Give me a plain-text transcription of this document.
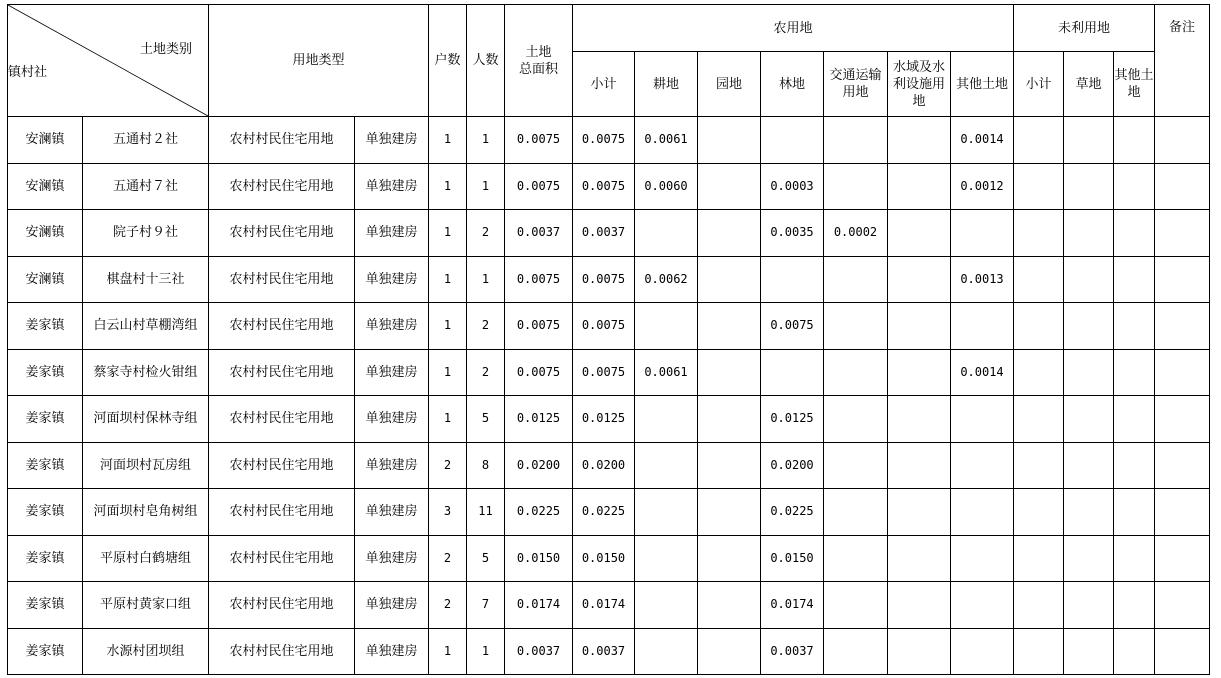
土地类别
镇村社		用地类型		户数	人数	土地
总面积	农用地							未利用地			备注
							小计	耕地	园地	林地	交通运输用地	水域及水利设施用地	其他土地	小计	草地	其他土地	
安澜镇	五通村２社	农村村民住宅用地	单独建房	1	1	0.0075	0.0075	0.0061					0.0014				
安澜镇	五通村７社	农村村民住宅用地	单独建房	1	1	0.0075	0.0075	0.0060		0.0003			0.0012				
安澜镇	院子村９社	农村村民住宅用地	单独建房	1	2	0.0037	0.0037			0.0035	0.0002						
安澜镇	棋盘村十三社	农村村民住宅用地	单独建房	1	1	0.0075	0.0075	0.0062					0.0013				
姜家镇	白云山村草棚湾组	农村村民住宅用地	单独建房	1	2	0.0075	0.0075			0.0075							
姜家镇	蔡家寺村检火钳组	农村村民住宅用地	单独建房	1	2	0.0075	0.0075	0.0061					0.0014				
姜家镇	河面坝村保林寺组	农村村民住宅用地	单独建房	1	5	0.0125	0.0125			0.0125							
姜家镇	河面坝村瓦房组	农村村民住宅用地	单独建房	2	8	0.0200	0.0200			0.0200							
姜家镇	河面坝村皂角树组	农村村民住宅用地	单独建房	3	11	0.0225	0.0225			0.0225							
姜家镇	平原村白鹤塘组	农村村民住宅用地	单独建房	2	5	0.0150	0.0150			0.0150							
姜家镇	平原村黄家口组	农村村民住宅用地	单独建房	2	7	0.0174	0.0174			0.0174							
姜家镇	水源村团坝组	农村村民住宅用地	单独建房	1	1	0.0037	0.0037			0.0037							
